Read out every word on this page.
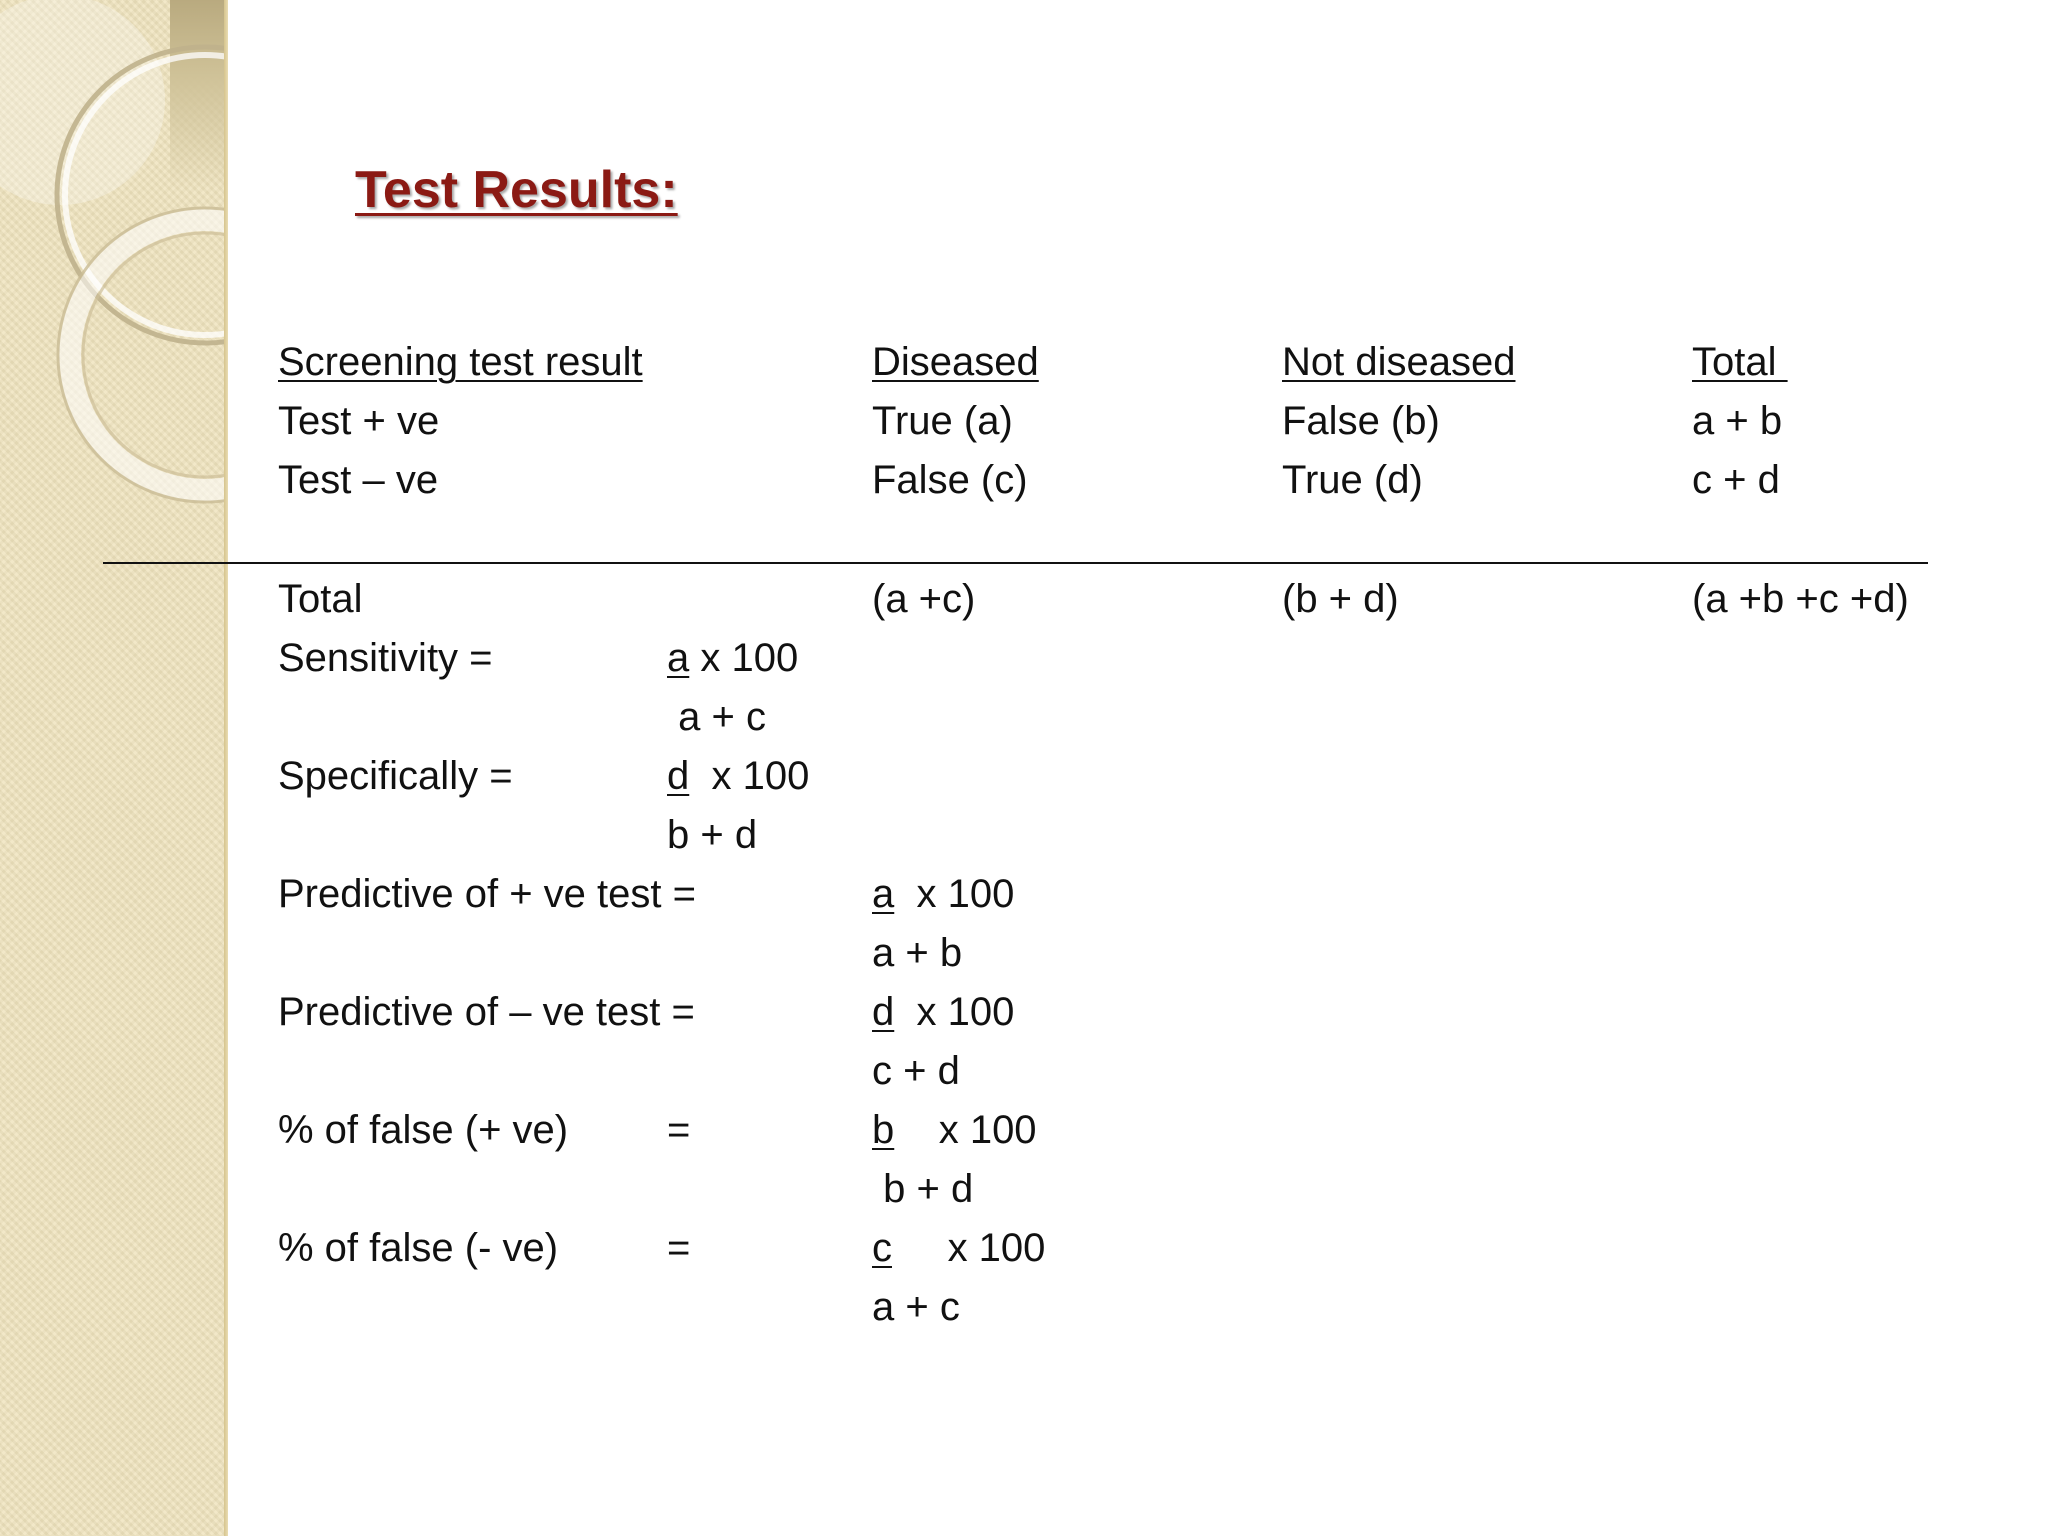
Test Results:
Screening test result	Diseased	Not diseased	Total
Test + ve	True (a)	False (b)	a + b
Test – ve	False (c)	True (d)	c + d
Total	(a +c)	(b + d)	(a +b +c +d)
Sensitivity =	a x 100
a + c
Specifically =	d  x 100
b + d
Predictive of + ve test =	a  x 100
a + b
Predictive of – ve test =	d  x 100
c + d
% of false (+ ve) =	b    x 100
b + d
% of false (- ve)	=	c     x 100
a + c
